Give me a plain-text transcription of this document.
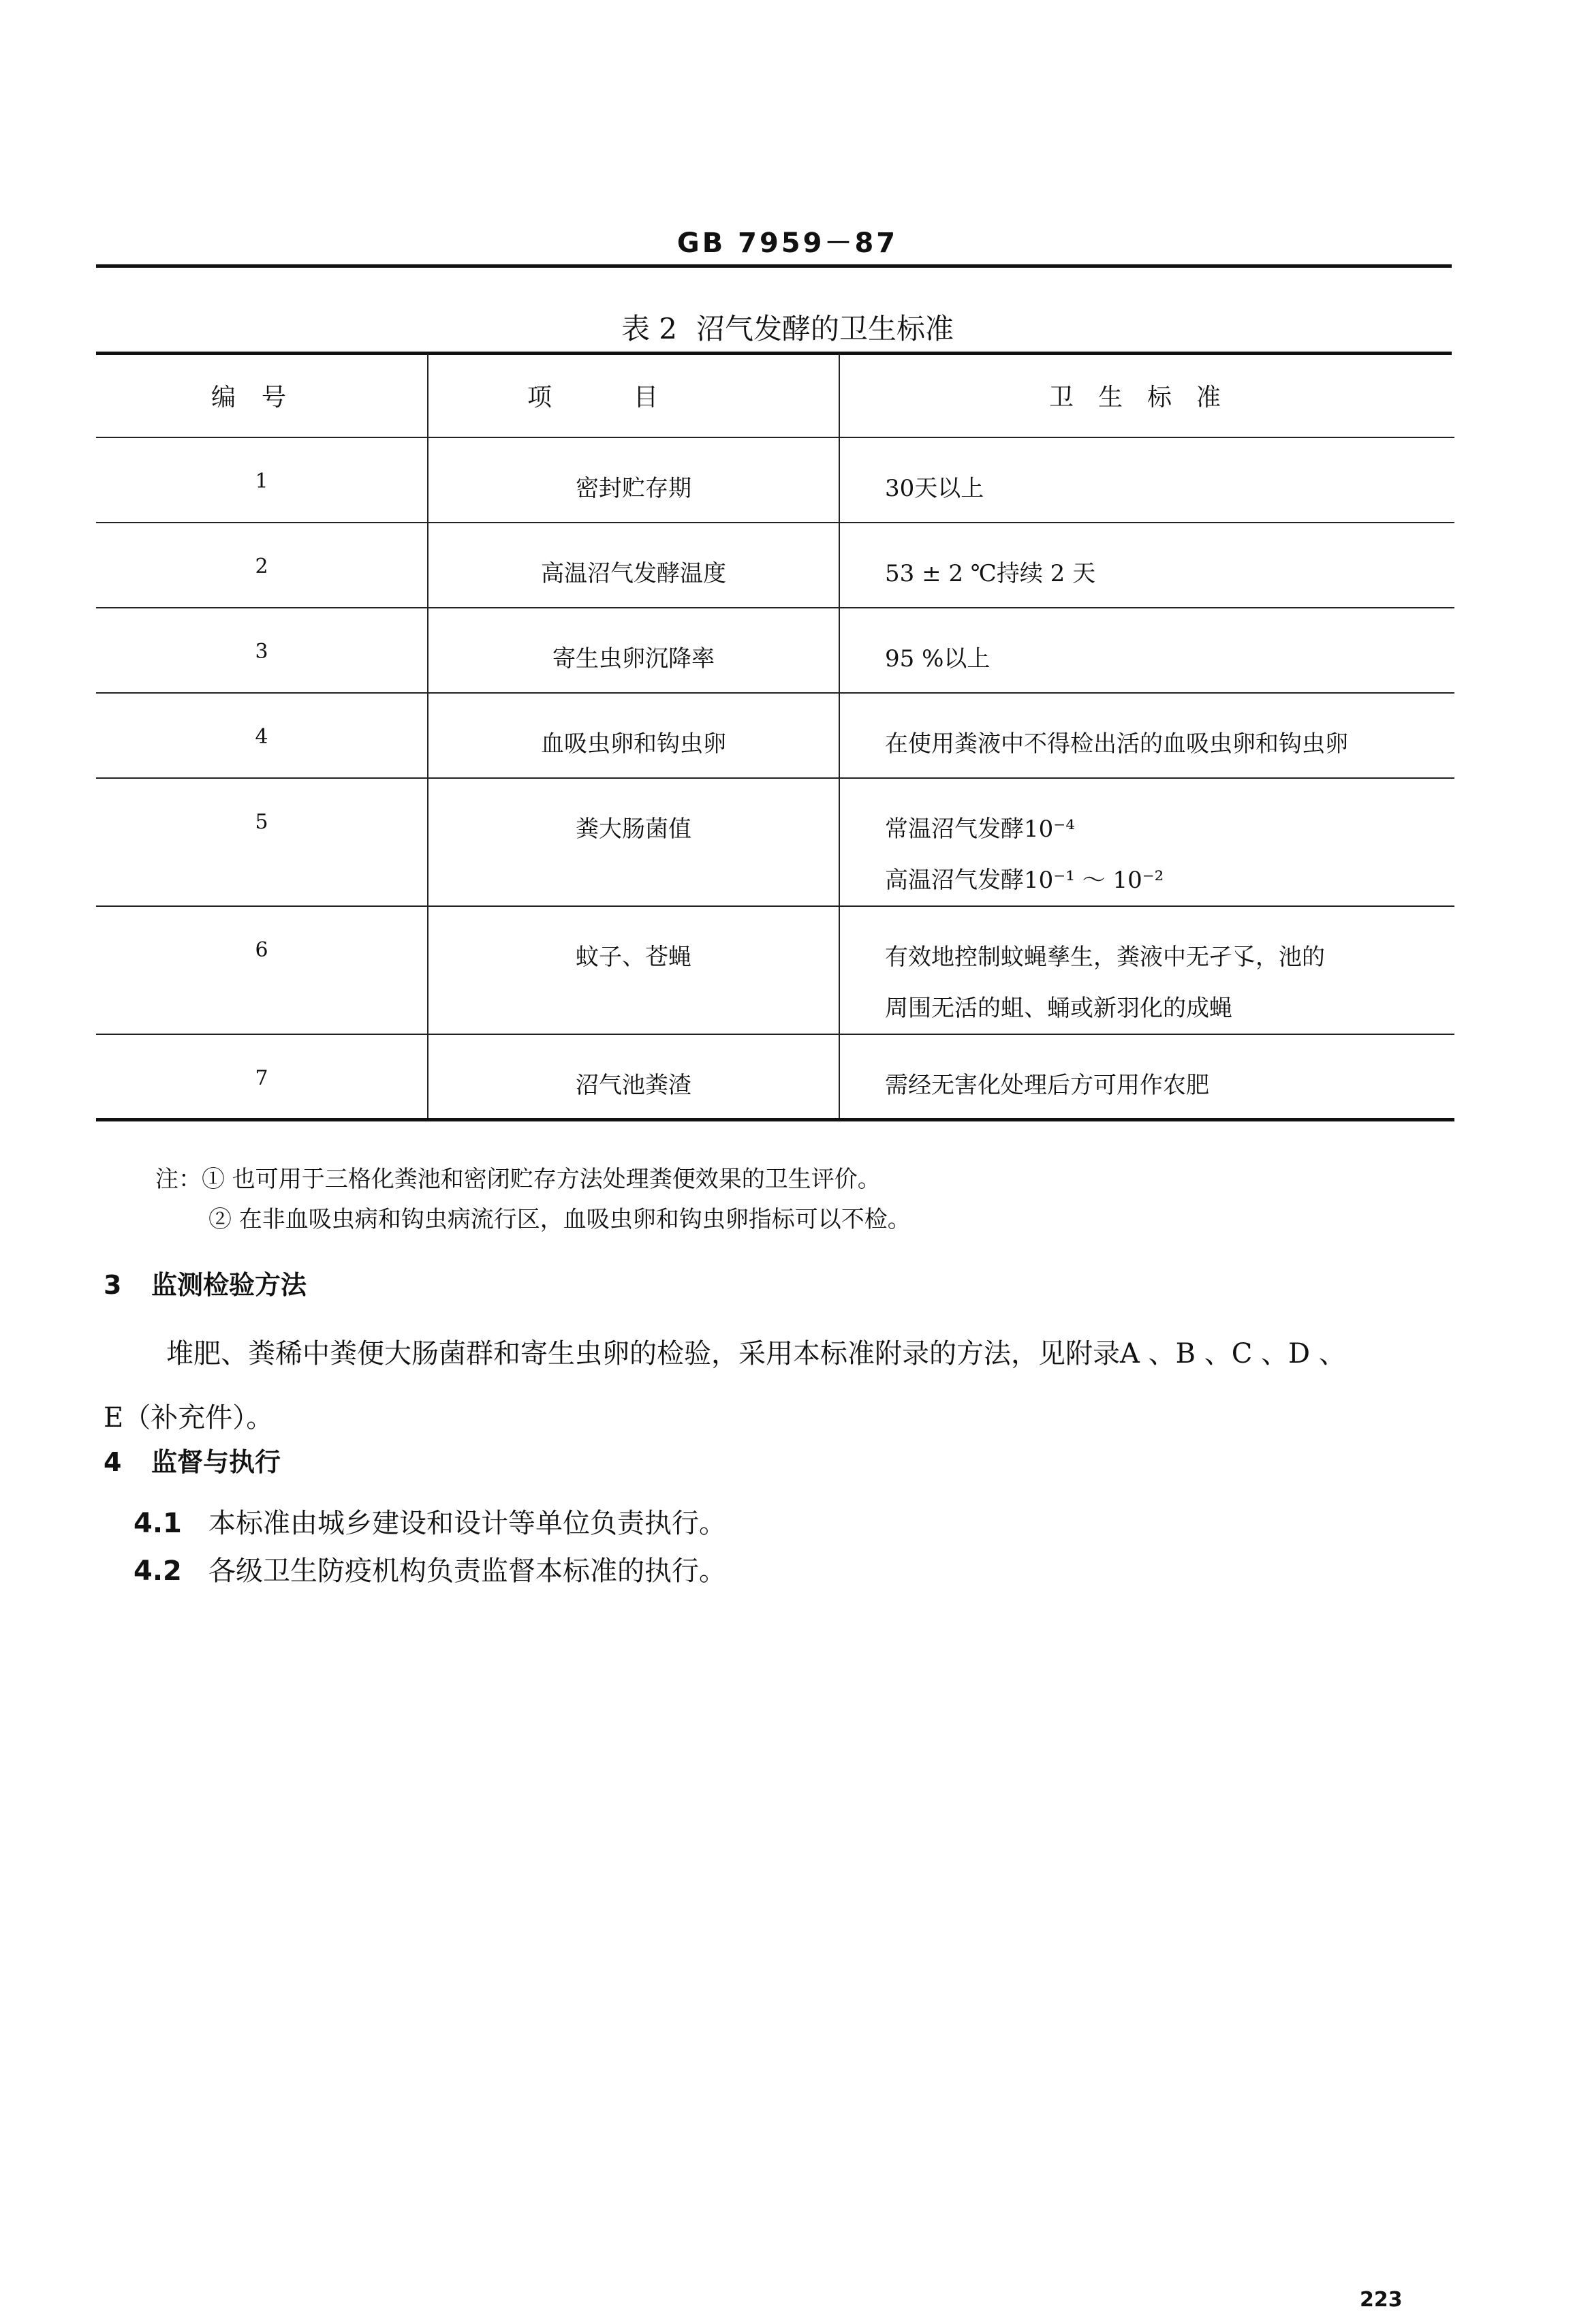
GB 7959－87
表 2 沼气发酵的卫生标准
编号	项目	卫生标准
1	密封贮存期	30天以上
2	高温沼气发酵温度	53 ± 2 ℃持续 2 天
3	寄生虫卵沉降率	95 %以上
4	血吸虫卵和钩虫卵	在使用粪液中不得检出活的血吸虫卵和钩虫卵
5	粪大肠菌值	常温沼气发酵10⁻⁴
高温沼气发酵10⁻¹ ～ 10⁻²

6	蚊子、苍蝇	有效地控制蚊蝇孳生，粪液中无孑孓，池的
周围无活的蛆、蛹或新羽化的成蝇

7	沼气池粪渣	需经无害化处理后方可用作农肥
注：① 也可用于三格化粪池和密闭贮存方法处理粪便效果的卫生评价。
② 在非血吸虫病和钩虫病流行区，血吸虫卵和钩虫卵指标可以不检。
3 监测检验方法
堆肥、粪稀中粪便大肠菌群和寄生虫卵的检验，采用本标准附录的方法，见附录A 、B 、C 、D 、
E（补充件）。
4 监督与执行
4.1 本标准由城乡建设和设计等单位负责执行。
4.2 各级卫生防疫机构负责监督本标准的执行。
223
